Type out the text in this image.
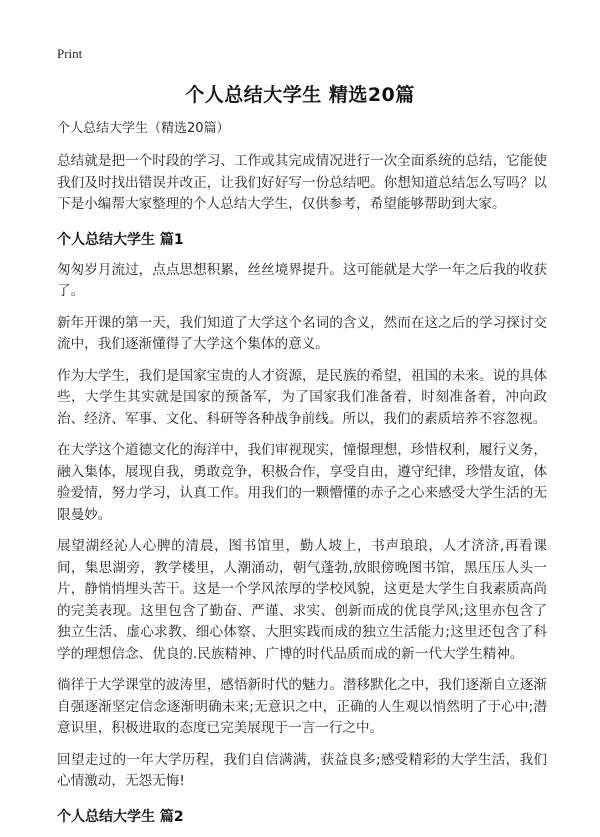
Print
个人总结大学生 精选20篇
个人总结大学生（精选20篇）

总结就是把一个时段的学习、工作或其完成情况进行一次全面系统的总结，它能使我们及时找出错误并改正，让我们好好写一份总结吧。你想知道总结怎么写吗？以下是小编帮大家整理的个人总结大学生，仅供参考，希望能够帮助到大家。

个人总结大学生 篇1

匆匆岁月流过，点点思想积累，丝丝境界提升。这可能就是大学一年之后我的收获了。

新年开课的第一天，我们知道了大学这个名词的含义，然而在这之后的学习探讨交流中，我们逐渐懂得了大学这个集体的意义。

作为大学生，我们是国家宝贵的人才资源，是民族的希望，祖国的未来。说的具体些，大学生其实就是国家的预备军，为了国家我们准备着，时刻准备着，冲向政治、经济、军事、文化、科研等各种战争前线。所以，我们的素质培养不容忽视。

在大学这个道德文化的海洋中，我们审视现实，憧憬理想，珍惜权利，履行义务，融入集体，展现自我，勇敢竞争，积极合作，享受自由，遵守纪律，珍惜友谊，体验爱情，努力学习，认真工作。用我们的一颗懵懂的赤子之心来感受大学生活的无限曼妙。

展望湖经沁人心脾的清晨，图书馆里，勤人坡上，书声琅琅，人才济济,再看课间，集思湖旁，教学楼里，人潮涌动，朝气蓬勃,放眼傍晚图书馆，黑压压人头一片，静悄悄埋头苦干。这是一个学风浓厚的学校风貌，这更是大学生自我素质高尚的完美表现。这里包含了勤奋、严谨、求实、创新而成的优良学风;这里亦包含了独立生活、虚心求教、细心体察、大胆实践而成的独立生活能力;这里还包含了科学的理想信念、优良的.民族精神、广博的时代品质而成的新一代大学生精神。

徜徉于大学课堂的波涛里，感悟新时代的魅力。潜移默化之中，我们逐渐自立逐渐自强逐渐坚定信念逐渐明确未来;无意识之中，正确的人生观以悄然明了于心中;潜意识里，积极进取的态度已完美展现于一言一行之中。

回望走过的一年大学历程，我们自信满满，获益良多;感受精彩的大学生活，我们心情激动，无怨无悔!

个人总结大学生 篇2
